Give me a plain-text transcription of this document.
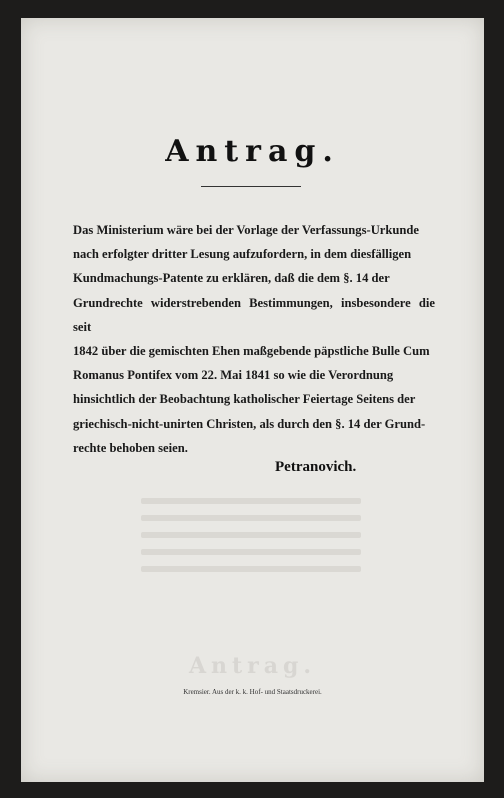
Antrag.
Das Ministerium wäre bei der Vorlage der Verfassungs-Urkunde
nach erfolgter dritter Lesung aufzufordern, in dem diesfälligen
Kundmachungs-Patente zu erklären, daß die dem §. 14 der
Grundrechte widerstrebenden Bestimmungen, insbesondere die seit
1842 über die gemischten Ehen maßgebende päpstliche Bulle Cum
Romanus Pontifex vom 22. Mai 1841 so wie die Verordnung
hinsichtlich der Beobachtung katholischer Feiertage Seitens der
griechisch-nicht-unirten Christen, als durch den §. 14 der Grund-
rechte behoben seien.
Petranovich.
Antrag.
Kremsier. Aus der k. k. Hof- und Staatsdruckerei.
